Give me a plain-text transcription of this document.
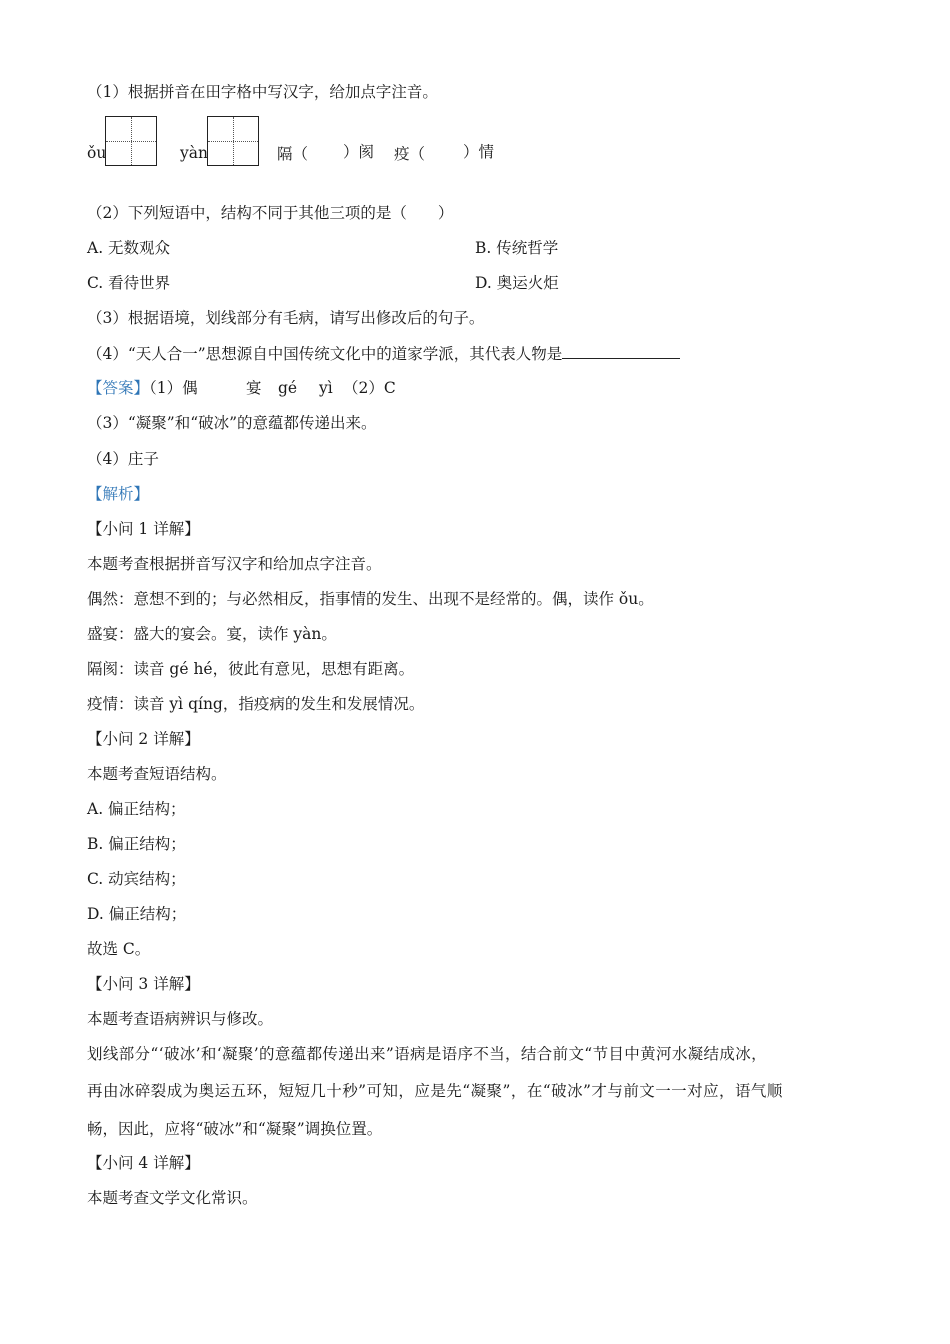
（1）根据拼音在田字格中写汉字，给加点字注音。
ǒu	yàn	隔（ ）阂 疫（ ）情
（2）下列短语中，结构不同于其他三项的是（　　）
A. 无数观众	B. 传统哲学
C. 看待世界	D. 奥运火炬
（3）根据语境，划线部分有毛病，请写出修改后的句子。
（4）“天人合一”思想源自中国传统文化中的道家学派，其代表人物是
【答案】（1）偶	宴 gé yì （2）C
（3）“凝聚”和“破冰”的意蕴都传递出来。
（4）庄子
【解析】
【小问 1 详解】
本题考查根据拼音写汉字和给加点字注音。
偶然：意想不到的；与必然相反，指事情的发生、出现不是经常的。偶，读作 ǒu。
盛宴：盛大的宴会。宴，读作 yàn。
隔阂：读音 gé hé，彼此有意见，思想有距离。
疫情：读音 yì qíng，指疫病的发生和发展情况。
【小问 2 详解】
本题考查短语结构。
A. 偏正结构；
B. 偏正结构；
C. 动宾结构；
D. 偏正结构；
故选 C。
【小问 3 详解】
本题考查语病辨识与修改。
划线部分“‘破冰’和‘凝聚’的意蕴都传递出来”语病是语序不当，结合前文“节目中黄河水凝结成冰，
再由冰碎裂成为奥运五环，短短几十秒”可知，应是先“凝聚”，在“破冰”才与前文一一对应，语气顺
畅，因此，应将“破冰”和“凝聚”调换位置。
【小问 4 详解】
本题考查文学文化常识。
